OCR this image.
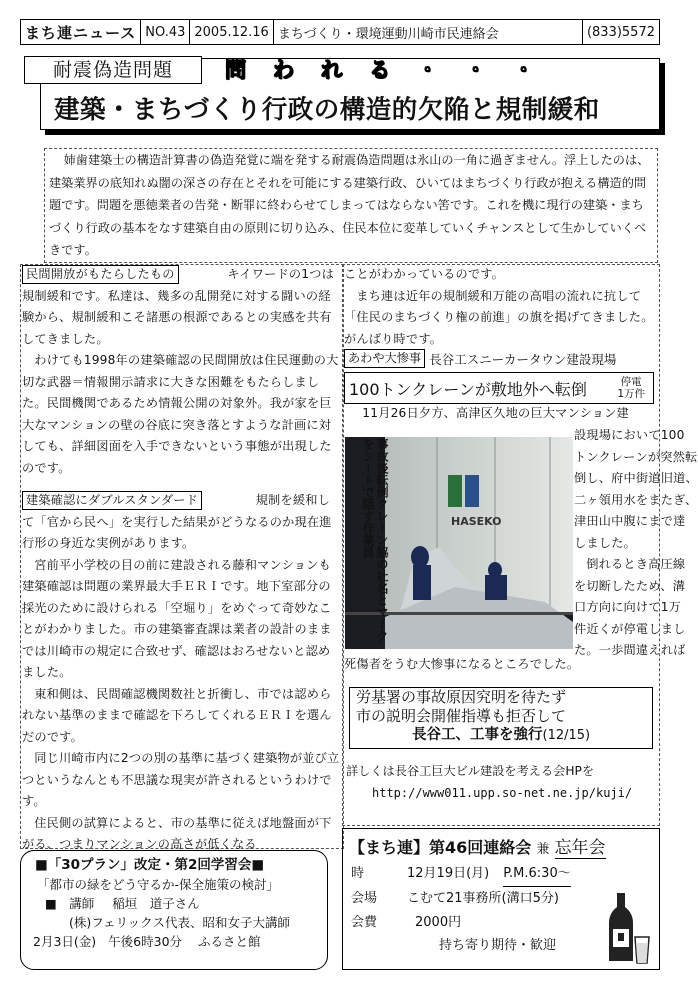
まち連ニュース NO.43 2005.12.16 まちづくり・環境運動川崎市民連絡会	(833)5572
耐震偽造問題	問われる・・・
建築・まちづくり行政の構造的欠陥と規制緩和
姉歯建築士の構造計算書の偽造発覚に端を発する耐震偽造問題は氷山の一角に過ぎません。浮上したのは、建築業界の底知れぬ闇の深さの存在とそれを可能にする建築行政、ひいてはまちづくり行政が抱える構造的問題です。問題を悪徳業者の告発・断罪に終わらせてしまってはならない筈です。これを機に現行の建築・まちづくり行政の基本をなす建築自由の原則に切り込み、住民本位に変革していくチャンスとして生かしていくべきです。
民間開放がもたらしたもの	キイワードの1つは

規制緩和です。私達は、幾多の乱開発に対する闘いの経験から、規制緩和こそ諸悪の根源であるとの実感を共有してきました。

わけても1998年の建築確認の民間開放は住民運動の大切な武器＝情報開示請求に大きな困難をもたらしました。民間機関であるため情報公開の対象外。我が家を巨大なマンションの壁の谷底に突き落とすような計画に対しても、詳細図面を入手できないという事態が出現したのです。

建築確認にダブルスタンダード	規制を緩和し

て「官から民へ」を実行した結果がどうなるのか現在進行形の身近な実例があります。

宮前平小学校の目の前に建設される藤和マンションも建築確認は問題の業界最大手ＥＲＩです。地下室部分の採光のために設けられる「空堀り」をめぐって奇妙なことがわかりました。市の建築審査課は業者の設計のままでは川崎市の規定に合致せず、確認はおろせないと認めました。

東和側は、民間確認機関数社と折衝し、市では認められない基準のままで確認を下ろしてくれるＥＲＩを選んだのです。

同じ川崎市内に2つの別の基準に基づく建築物が並び立つというなんとも不思議な現実が許されるというわけです。

住民側の試算によると、市の基準に従えば地盤面が下がる、つまりマンションの高さが低くなる

ことがわかっているのです。

まち連は近年の規制緩和万能の高唱の流れに抗して「住民のまちづくり権の前進」の旗を掲げてきました。がんばり時です。

あわや大惨事 長谷工スニーカータウン建設現場
100トンクレーンが敷地外へ転倒	停電
1万件
11月26日夕方、高津区久地の巨大マンション建
HASEKO
事故後転倒クレーン脇の社名とマークをシートで隠す作業員
設現場において100
トンクレーンが突然転
倒し、府中街道旧道、
二ヶ領用水をまたぎ、
津田山中腹にまで達
しました。
倒れるとき高圧線
を切断したため、溝
口方向に向けて1万
件近くが停電しまし
た。一歩間違えれば
死傷者をうむ大惨事になるところでした。
労基署の事故原因究明を待たず
市の説明会開催指導も拒否して
長谷工、工事を強行(12/15)
詳しくは長谷工巨大ビル建設を考える会HPを
http://www011.upp.so-net.ne.jp/kuji/
■「30プラン」改定・第2回学習会■
「都市の緑をどう守るか-保全施策の検討」
■　講師 稲垣　道子さん
(株)フェリックス代表、昭和女子大講師
2月3日(金) 午後6時30分 ふるさと館
【まち連】第46回連絡会 兼 忘年会
時	12月19日(月) P.M.6:30～
会場	こむて21事務所(溝口5分)
会費	2000円
持ち寄り期待・歓迎
